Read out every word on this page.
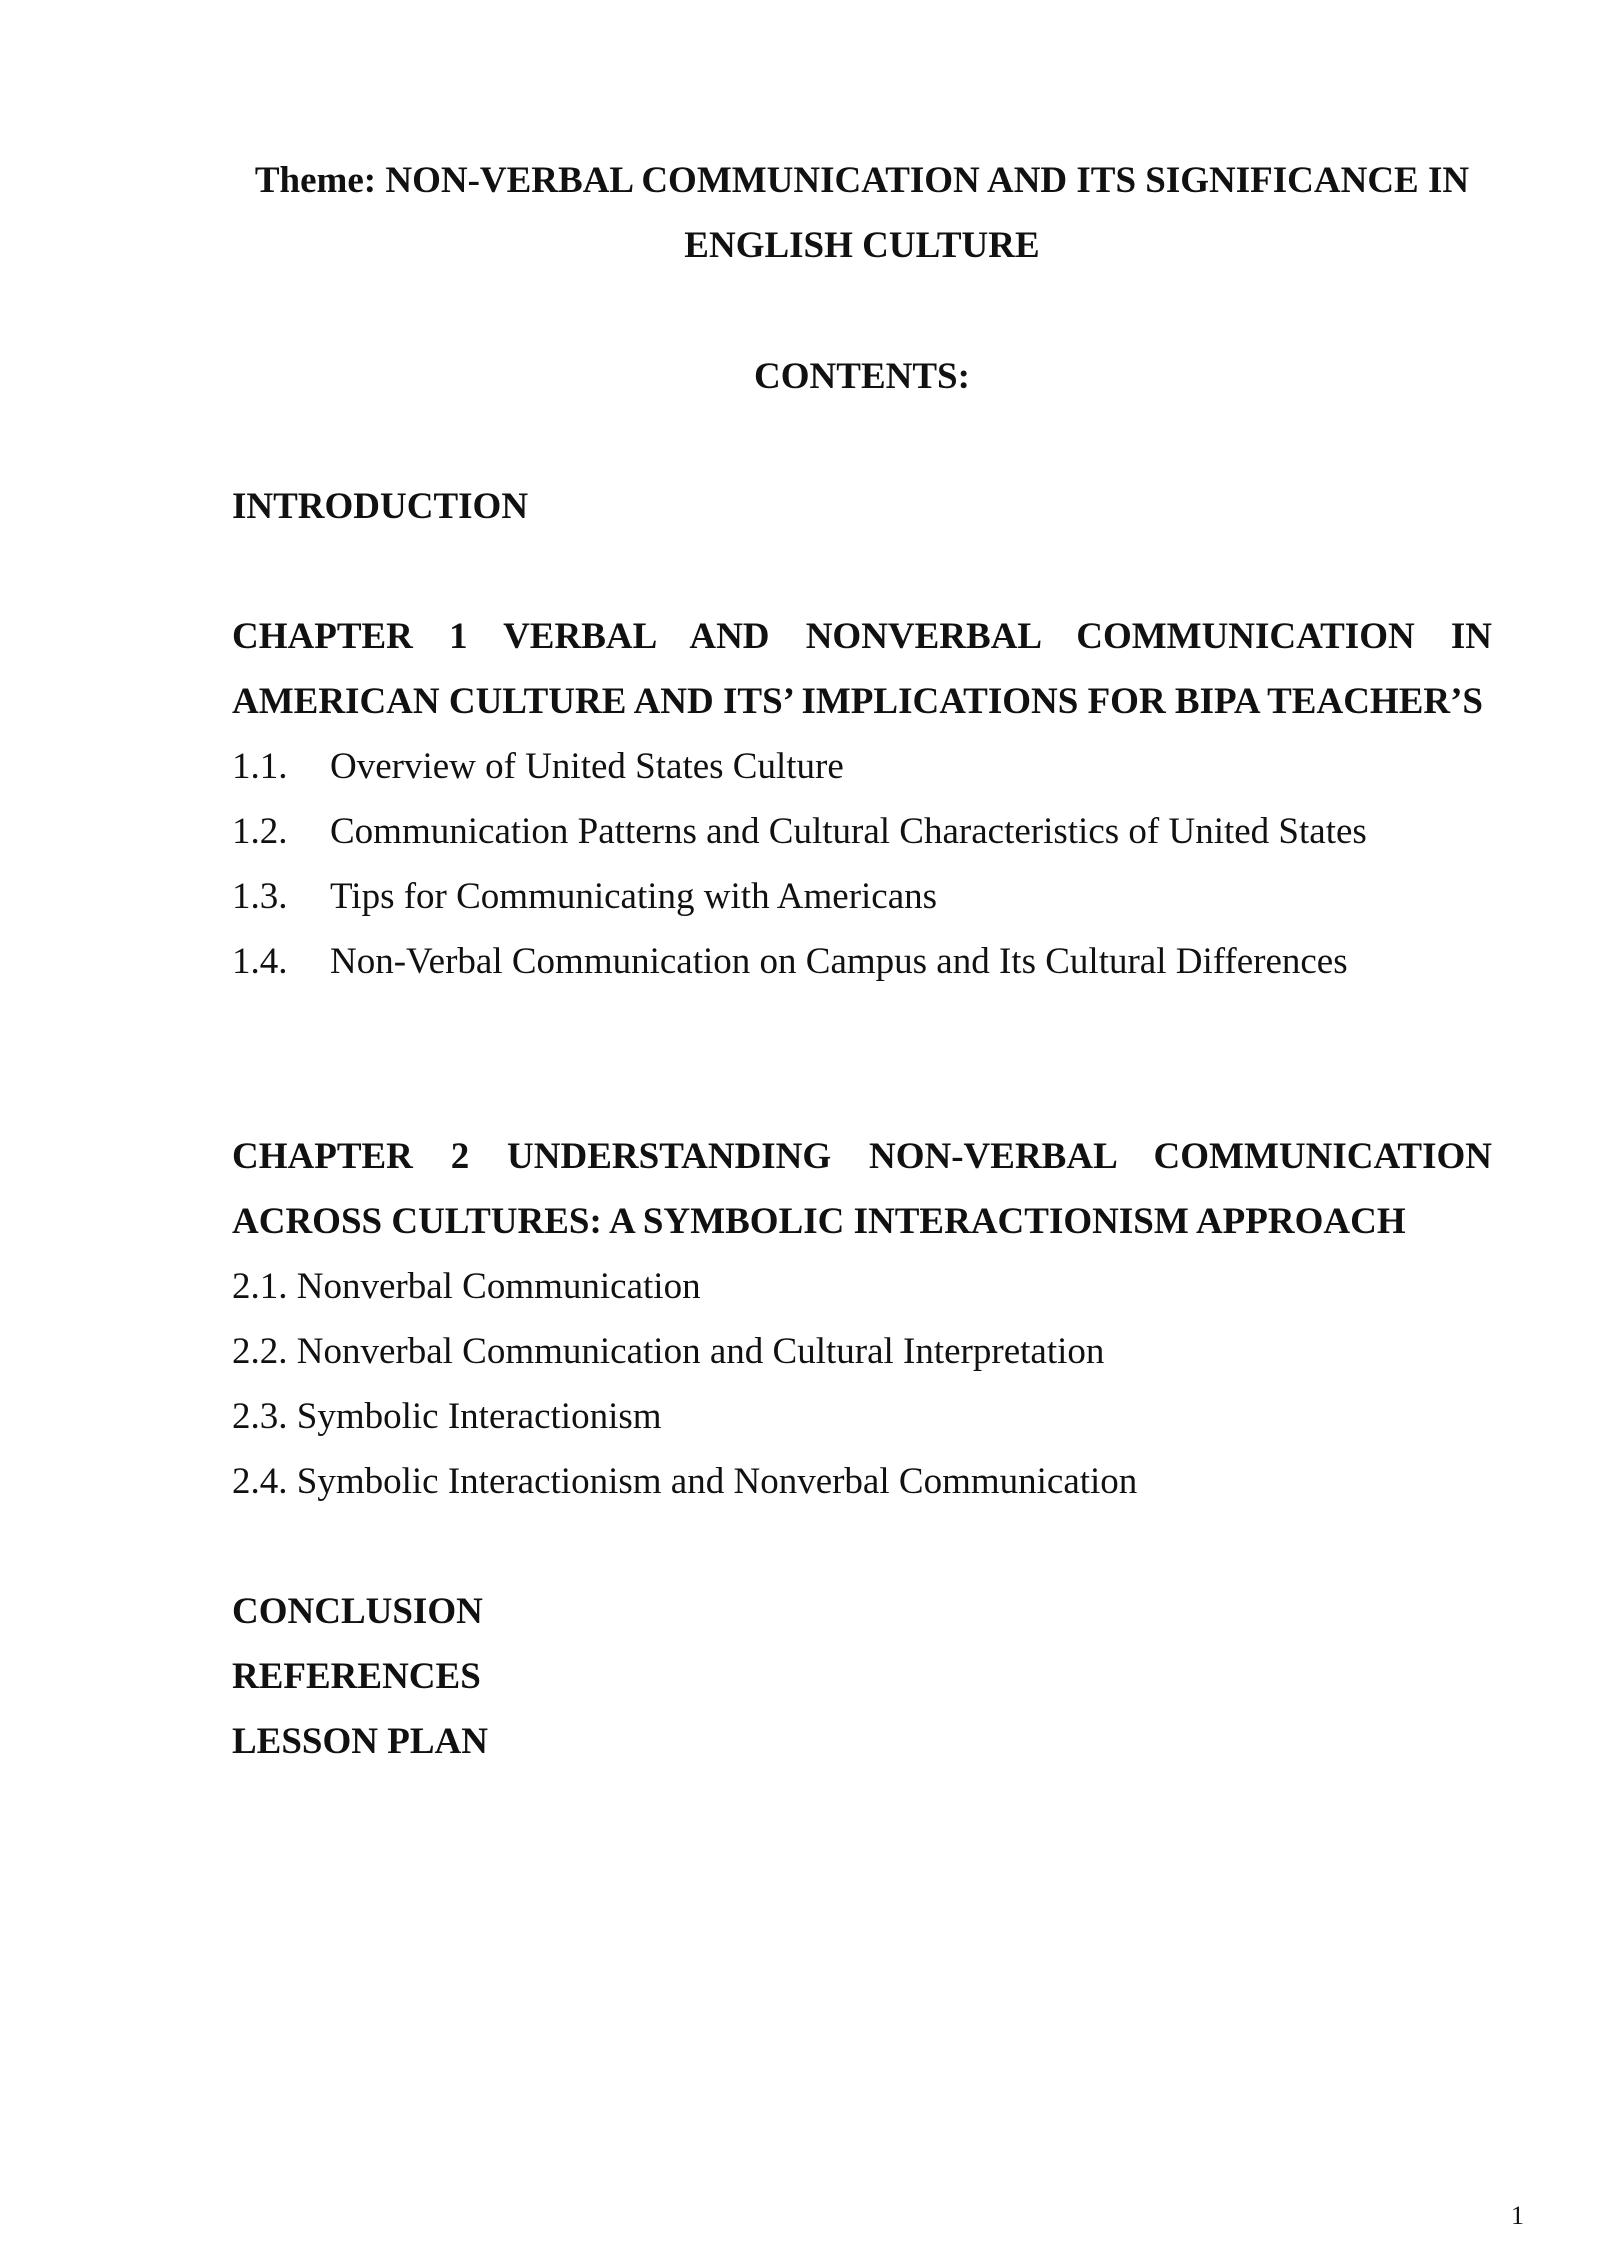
Theme: NON-VERBAL COMMUNICATION AND ITS SIGNIFICANCE IN
ENGLISH CULTURE
CONTENTS:
INTRODUCTION
CHAPTER 1 VERBAL AND NONVERBAL COMMUNICATION IN AMERICAN CULTURE AND ITS’ IMPLICATIONS FOR BIPA TEACHER’S
1.1.	Overview of United States Culture
1.2.	Communication Patterns and Cultural Characteristics of United States
1.3.	Tips for Communicating with Americans
1.4.	Non-Verbal Communication on Campus and Its Cultural Differences
CHAPTER 2 UNDERSTANDING NON-VERBAL COMMUNICATION ACROSS CULTURES: A SYMBOLIC INTERACTIONISM APPROACH
2.1. Nonverbal Communication
2.2. Nonverbal Communication and Cultural Interpretation
2.3. Symbolic Interactionism
2.4. Symbolic Interactionism and Nonverbal Communication
CONCLUSION
REFERENCES
LESSON PLAN
1
